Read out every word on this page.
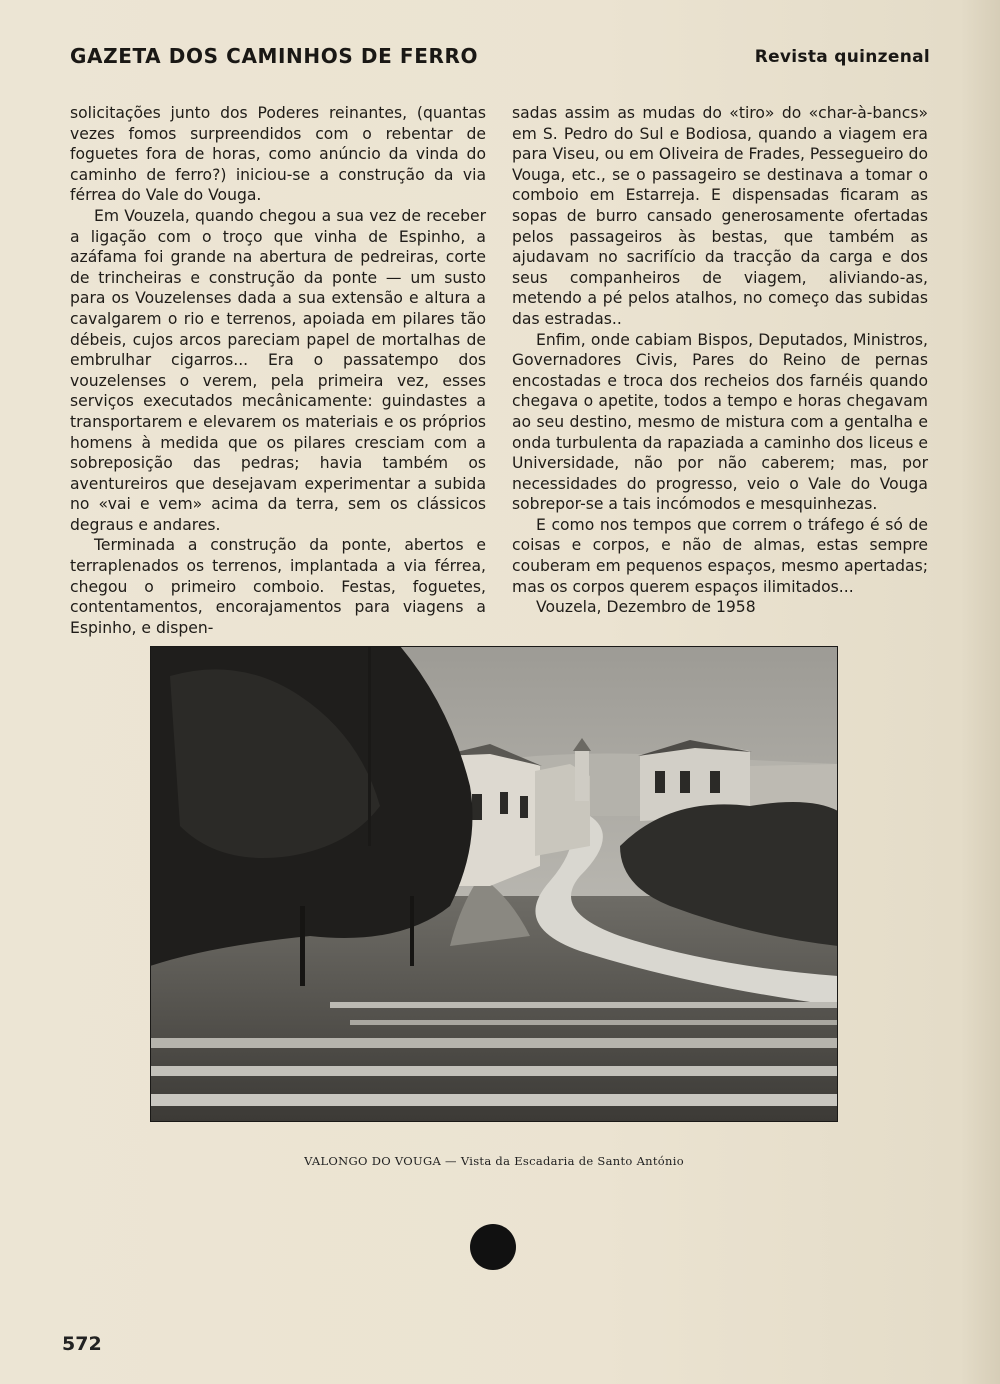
GAZETA DOS CAMINHOS DE FERRO	Revista quinzenal

solicitações junto dos Poderes reinantes, (quantas vezes fomos surpreendidos com o rebentar de foguetes fora de horas, como anúncio da vinda do caminho de ferro?) iniciou-se a construção da via férrea do Vale do Vouga.

Em Vouzela, quando chegou a sua vez de receber a ligação com o troço que vinha de Espinho, a azáfama foi grande na abertura de pedreiras, corte de trincheiras e construção da ponte — um susto para os Vouzelenses dada a sua extensão e altura a cavalgarem o rio e terrenos, apoiada em pilares tão débeis, cujos arcos pareciam papel de mortalhas de embrulhar cigarros... Era o passatempo dos vouzelenses o verem, pela primeira vez, esses serviços executados mecânicamente: guindastes a transportarem e elevarem os materiais e os próprios homens à medida que os pilares cresciam com a sobreposição das pedras; havia também os aventureiros que desejavam experimentar a subida no «vai e vem» acima da terra, sem os clássicos degraus e andares.

Terminada a construção da ponte, abertos e terraplenados os terrenos, implantada a via férrea, chegou o primeiro comboio. Festas, foguetes, contentamentos, encorajamentos para viagens a Espinho, e dispen-

sadas assim as mudas do «tiro» do «char-à-bancs» em S. Pedro do Sul e Bodiosa, quando a viagem era para Viseu, ou em Oliveira de Frades, Pessegueiro do Vouga, etc., se o passageiro se destinava a tomar o comboio em Estarreja. E dispensadas ficaram as sopas de burro cansado generosamente ofertadas pelos passageiros às bestas, que também as ajudavam no sacrifício da tracção da carga e dos seus companheiros de viagem, aliviando-as, metendo a pé pelos atalhos, no começo das subidas das estradas..

Enfim, onde cabiam Bispos, Deputados, Ministros, Governadores Civis, Pares do Reino de pernas encostadas e troca dos recheios dos farnéis quando chegava o apetite, todos a tempo e horas chegavam ao seu destino, mesmo de mistura com a gentalha e onda turbulenta da rapaziada a caminho dos liceus e Universidade, não por não caberem; mas, por necessidades do progresso, veio o Vale do Vouga sobrepor-se a tais incómodos e mesquinhezas.

E como nos tempos que correm o tráfego é só de coisas e corpos, e não de almas, estas sempre couberam em pequenos espaços, mesmo apertadas; mas os corpos querem espaços ilimitados...

Vouzela, Dezembro de 1958

VALONGO DO VOUGA — Vista da Escadaria de Santo António
572
